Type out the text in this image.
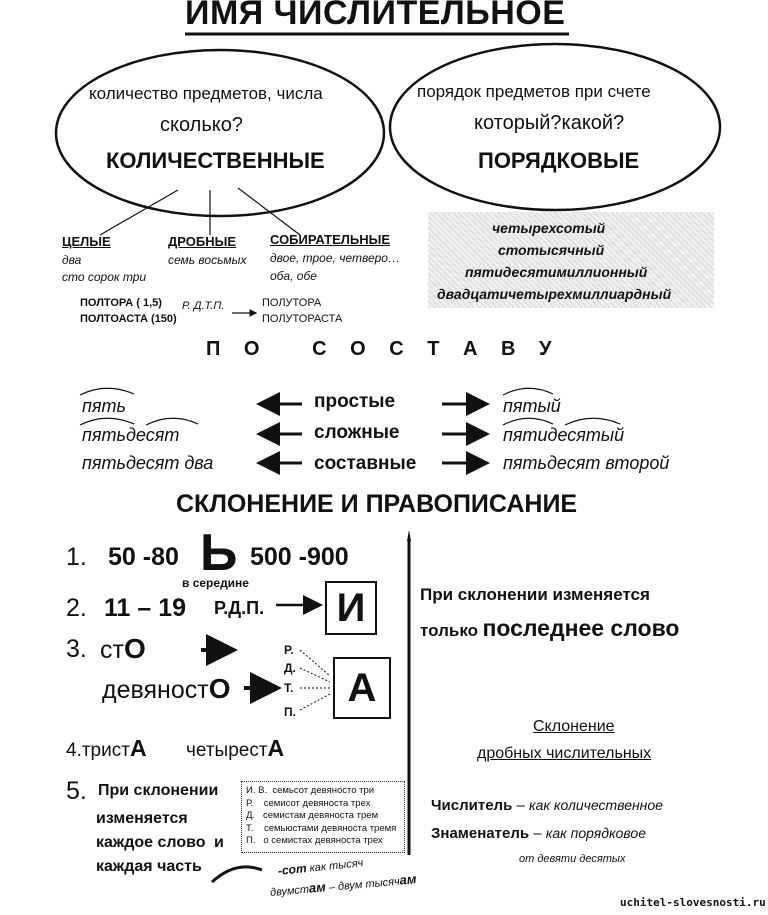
ИМЯ ЧИСЛИТЕЛЬНОЕ
количество предметов, числа
сколько?
КОЛИЧЕСТВЕННЫЕ
порядок предметов при счете
который?какой?
ПОРЯДКОВЫЕ
ЦЕЛЫЕ
два
сто сорок три
ДРОБНЫЕ
семь восьмых
СОБИРАТЕЛЬНЫЕ
двое, трое, четверо…
оба, обе
ПОЛТОРА ( 1,5)
ПОЛТОАСТА (150)
Р. Д.Т.П.	ПОЛУТОРА
ПОЛУТОРАСТА
четырехсотый
стотысячный
пятидесятимиллионный
двадцатичетырехмиллиардный
П О   С О С Т А В У
пять	простые	пятый
пятьдесят	сложные	пятидесятый
пятьдесят два	составные	пятьдесят второй
СКЛОНЕНИЕ И ПРАВОПИСАНИЕ
1. 50 -80 Ь 500 -900
в середине
2. 11 – 19 Р.Д.П. И
3. стО
девяностО
Р.
Д.
Т.
П.
А
4.тристА четырестА
5. При склонении
изменяется
каждое слово и
каждая часть
И. В.  семьсот девяносто три
Р.    семисот девяноста трех
Д.   семистам девяноста трем
Т.    семьюстами девяноста тремя
П.   о семистах девяноста трех
-сот как тысяч
двумстам – двум тысячам
При склонении изменяется
только последнее слово
Склонение
дробных числительных
Числитель – как количественное
Знаменатель – как порядковое
от девяти десятых
uchitel-slovesnosti.ru
